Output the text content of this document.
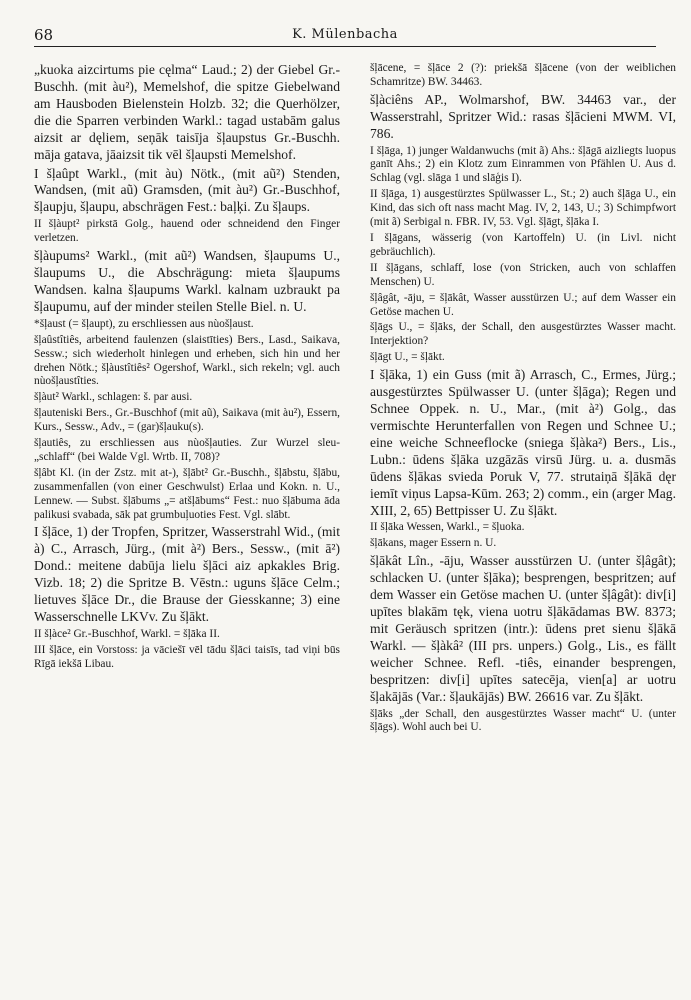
68	K. Mülenbacha

„kuoka aizcirtums pie cęlma“ Laud.; 2) der Giebel Gr.-Buschh. (mit àu²), Memelshof, die spitze Giebelwand am Hausboden Bielenstein Holzb. 32; die Querhölzer, die die Sparren verbinden Warkl.: tagad ustabām galus aizsit ar dęliem, seņāk taisīja šļaupstus Gr.-Buschh. māja gatava, jāaizsit tik vēl šļaupsti Memelshof.

I šļaûpt Warkl., (mit àu) Nötk., (mit aũ²) Stenden, Wandsen, (mit aũ) Gramsden, (mit àu²) Gr.-Buschhof, šļaupju, šļaupu, abschrägen Fest.: baļķi. Zu šļaups.

II šļàupt² pirkstā Golg., hauend oder schneidend den Finger verletzen.

šļàupums² Warkl., (mit aũ²) Wandsen, šļaupums U., šlaupums U., die Abschrägung: mieta šļaupums Wandsen. kalna šļaupums Warkl. kalnam uzbraukt pa šļaupumu, auf der minder steilen Stelle Biel. n. U.

*šļaust (= šļaupt), zu erschliessen aus nùošļaust.

šļaûstîtiês, arbeitend faulenzen (slaistīties) Bers., Lasd., Saikava, Sessw.; sich wiederholt hinlegen und erheben, sich hin und her drehen Nötk.; šļàustîtiês² Ogershof, Warkl., sich rekeln; vgl. auch nùošļaustîties.

šļàut² Warkl., schlagen: š. par ausi.

šļauteniski Bers., Gr.-Buschhof (mit aũ), Saikava (mit àu²), Essern, Kurs., Sessw., Adv., = (gar)šļauku(s).

šļautiês, zu erschliessen aus nùošļauties. Zur Wurzel sleu- „schlaff“ (bei Walde Vgl. Wrtb. II, 708)?

šļâbt Kl. (in der Zstz. mit at-), šļābt² Gr.-Buschh., šļābstu, šļābu, zusammenfallen (von einer Geschwulst) Erlaa und Kokn. n. U., Lennew. — Subst. šļābums „= atšļābums“ Fest.: nuo šļābuma āda palikusi svabada, sāk pat grumbuļuoties Fest. Vgl. slābt.

I šļāce, 1) der Tropfen, Spritzer, Wasserstrahl Wid., (mit à) C., Arrasch, Jürg., (mit à²) Bers., Sessw., (mit ā²) Dond.: meitene dabūja lielu šļāci aiz apkakles Brig. Vizb. 18; 2) die Spritze B. Vēstn.: uguns šļāce Celm.; lietuves šļāce Dr., die Brause der Giesskanne; 3) eine Wasserschnelle LKVv. Zu šļākt.

II šļàce² Gr.-Buschhof, Warkl. = šļāka II.

III šļāce, ein Vorstoss: ja vāciešī vēl tādu šļāci taisīs, tad viņi būs Rīgā iekšā Libau.

šļācene, = šļāce 2 (?): priekšā šļācene (von der weiblichen Schamritze) BW. 34463.

šļàciêns AP., Wolmarshof, BW. 34463 var., der Wasserstrahl, Spritzer Wid.: rasas šļācieni MWM. VI, 786.

I šļāga, 1) junger Waldanwuchs (mit ã) Ahs.: šļāgā aizliegts luopus ganīt Ahs.; 2) ein Klotz zum Einrammen von Pfählen U. Aus d. Schlag (vgl. slāga 1 und slāģis I).

II šļāga, 1) ausgestürztes Spülwasser L., St.; 2) auch šļāga U., ein Kind, das sich oft nass macht Mag. IV, 2, 143, U.; 3) Schimpfwort (mit ã) Serbigal n. FBR. IV, 53. Vgl. šļāgt, šļāka I.

I šļāgans, wässerig (von Kartoffeln) U. (in Livl. nicht gebräuchlich).

II šļāgans, schlaff, lose (von Stricken, auch von schlaffen Menschen) U.

šļâgât, -āju, = šļākât, Wasser ausstürzen U.; auf dem Wasser ein Getöse machen U.

šļāgs U., = šļāks, der Schall, den ausgestürztes Wasser macht. Interjektion?

šļāgt U., = šļākt.

I šļāka, 1) ein Guss (mit ã) Arrasch, C., Ermes, Jürg.; ausgestürztes Spülwasser U. (unter šļāga); Regen und Schnee Oppek. n. U., Mar., (mit à²) Golg., das vermischte Herunterfallen von Regen und Schnee U.; eine weiche Schneeflocke (sniega šļàka²) Bers., Lis., Lubn.: ūdens šļāka uzgāzās virsū Jürg. u. a. dusmās ūdens šļākas svieda Poruk V, 77. strutaiņā šļākā dęr iemīt viņus Lapsa-Kūm. 263; 2) comm., ein (arger Mag. XIII, 2, 65) Bettpisser U. Zu šļākt.

II šļāka Wessen, Warkl., = šļuoka.

šļākans, mager Essern n. U.

šļākât Lîn., -āju, Wasser ausstürzen U. (unter šļâgât); schlacken U. (unter šļāka); besprengen, bespritzen; auf dem Wasser ein Getöse machen U. (unter šļâgât): div[i] upītes blakām tęk, viena uotru šļākādamas BW. 8373; mit Geräusch spritzen (intr.): ūdens pret sienu šļākā Warkl. — šļàkâ² (III prs. unpers.) Golg., Lis., es fällt weicher Schnee. Refl. -tiês, einander besprengen, bespritzen: div[i] upītes satecēja, vien[a] ar uotru šļakājās (Var.: šļaukājās) BW. 26616 var. Zu šļākt.

šļāks „der Schall, den ausgestürztes Wasser macht“ U. (unter šļāgs). Wohl auch bei U.
